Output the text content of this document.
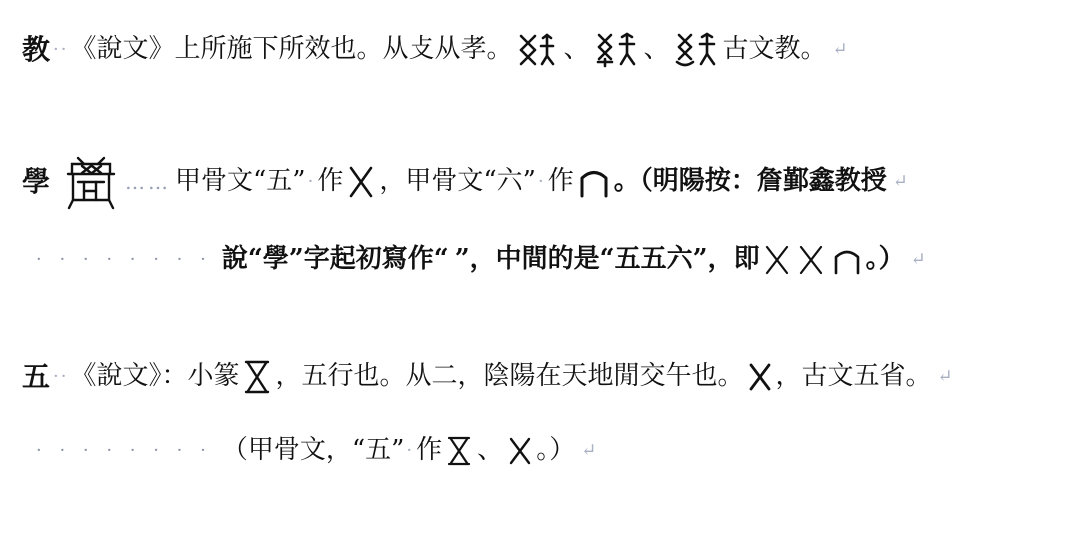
教 ·· 《說文》上所施下所效也。从攴从孝。 、 、 古文教。 ↵
學	…… 甲骨文“五” · 作 ，甲骨文“六” · 作 。（明陽按：詹鄞鑫教授 ↵
· · · · · · · · 說“學”字起初寫作“ ”，中間的是“五五六” ，即	。） ↵
五 ·· 《說文》：小篆 ，五行也。从二，陰陽在天地閒交午也。 ，古文五省。 ↵
· · · · · · · · （甲骨文，“五” · 作 、 。） ↵
